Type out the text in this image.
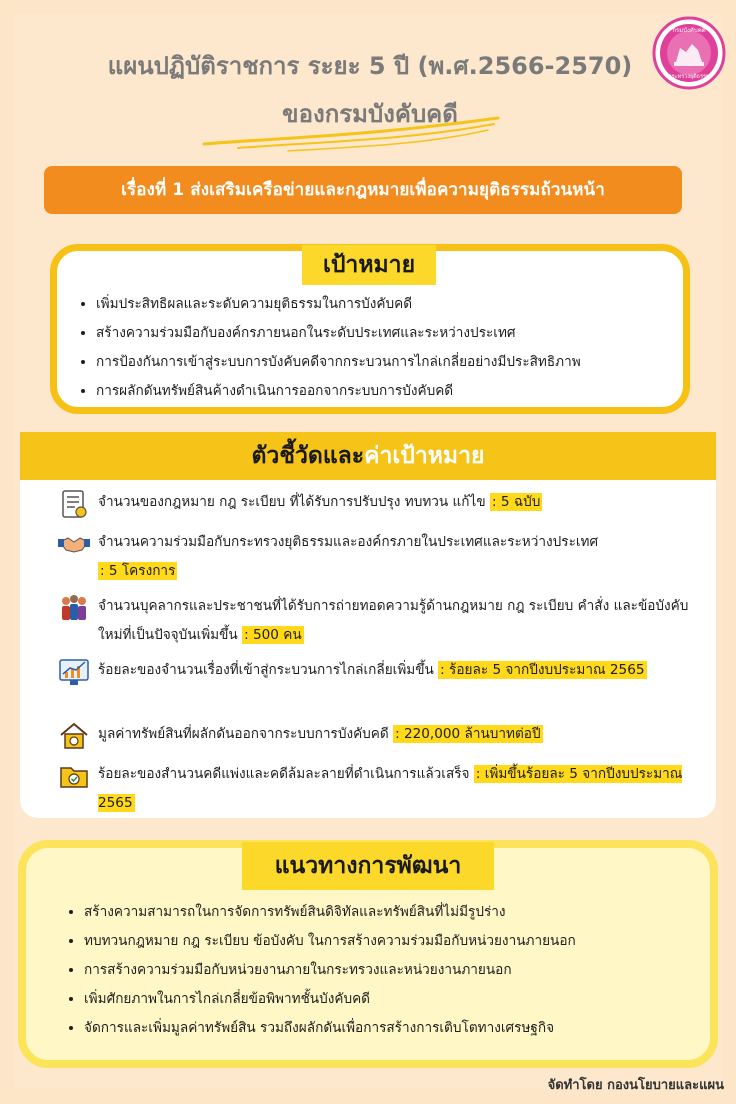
แผนปฏิบัติราชการ ระยะ 5 ปี (พ.ศ.2566-2570)
ของกรมบังคับคดี
กรมบังคับคดี
กระทรวงยุติธรรม
เรื่องที่ 1 ส่งเสริมเครือข่ายและกฎหมายเพื่อความยุติธรรมถ้วนหน้า
เป้าหมาย
• เพิ่มประสิทธิผลและระดับความยุติธรรมในการบังคับคดี
• สร้างความร่วมมือกับองค์กรภายนอกในระดับประเทศและระหว่างประเทศ
• การป้องกันการเข้าสู่ระบบการบังคับคดีจากกระบวนการไกล่เกลี่ยอย่างมีประสิทธิภาพ
• การผลักดันทรัพย์สินค้างดำเนินการออกจากระบบการบังคับคดี
ตัวชี้วัดและค่าเป้าหมาย
จำนวนของกฎหมาย กฎ ระเบียบ ที่ได้รับการปรับปรุง ทบทวน แก้ไข : 5 ฉบับ
จำนวนความร่วมมือกับกระทรวงยุติธรรมและองค์กรภายในประเทศและระหว่างประเทศ
: 5 โครงการ
จำนวนบุคลากรและประชาชนที่ได้รับการถ่ายทอดความรู้ด้านกฎหมาย กฎ ระเบียบ คำสั่ง และข้อบังคับใหม่ที่เป็นปัจจุบันเพิ่มขึ้น : 500 คน
ร้อยละของจำนวนเรื่องที่เข้าสู่กระบวนการไกล่เกลี่ยเพิ่มขึ้น : ร้อยละ 5 จากปีงบประมาณ 2565
มูลค่าทรัพย์สินที่ผลักดันออกจากระบบการบังคับคดี : 220,000 ล้านบาทต่อปี
ร้อยละของสำนวนคดีแพ่งและคดีล้มละลายที่ดำเนินการแล้วเสร็จ : เพิ่มขึ้นร้อยละ 5 จากปีงบประมาณ 2565
แนวทางการพัฒนา
• สร้างความสามารถในการจัดการทรัพย์สินดิจิทัลและทรัพย์สินที่ไม่มีรูปร่าง
• ทบทวนกฎหมาย กฎ ระเบียบ ข้อบังคับ ในการสร้างความร่วมมือกับหน่วยงานภายนอก
• การสร้างความร่วมมือกับหน่วยงานภายในกระทรวงและหน่วยงานภายนอก
• เพิ่มศักยภาพในการไกล่เกลี่ยข้อพิพาทชั้นบังคับคดี
• จัดการและเพิ่มมูลค่าทรัพย์สิน รวมถึงผลักดันเพื่อการสร้างการเติบโตทางเศรษฐกิจ
จัดทำโดย กองนโยบายและแผน
